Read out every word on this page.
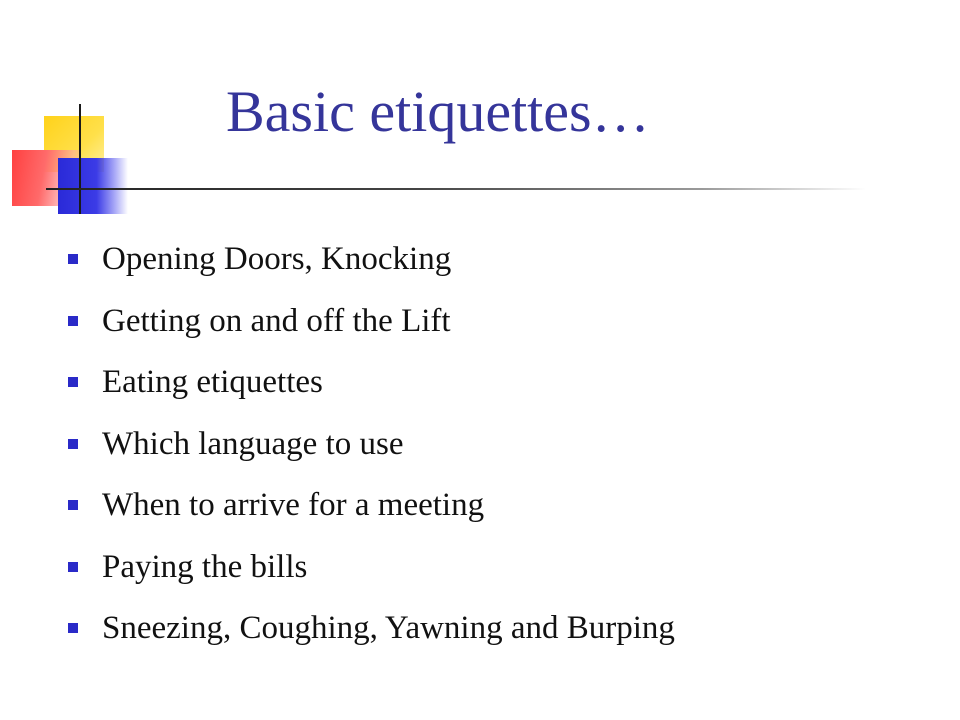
Basic etiquettes…
Opening Doors, Knocking
Getting on and off the Lift
Eating etiquettes
Which language to use
When to arrive for a meeting
Paying the bills
Sneezing, Coughing, Yawning and Burping
